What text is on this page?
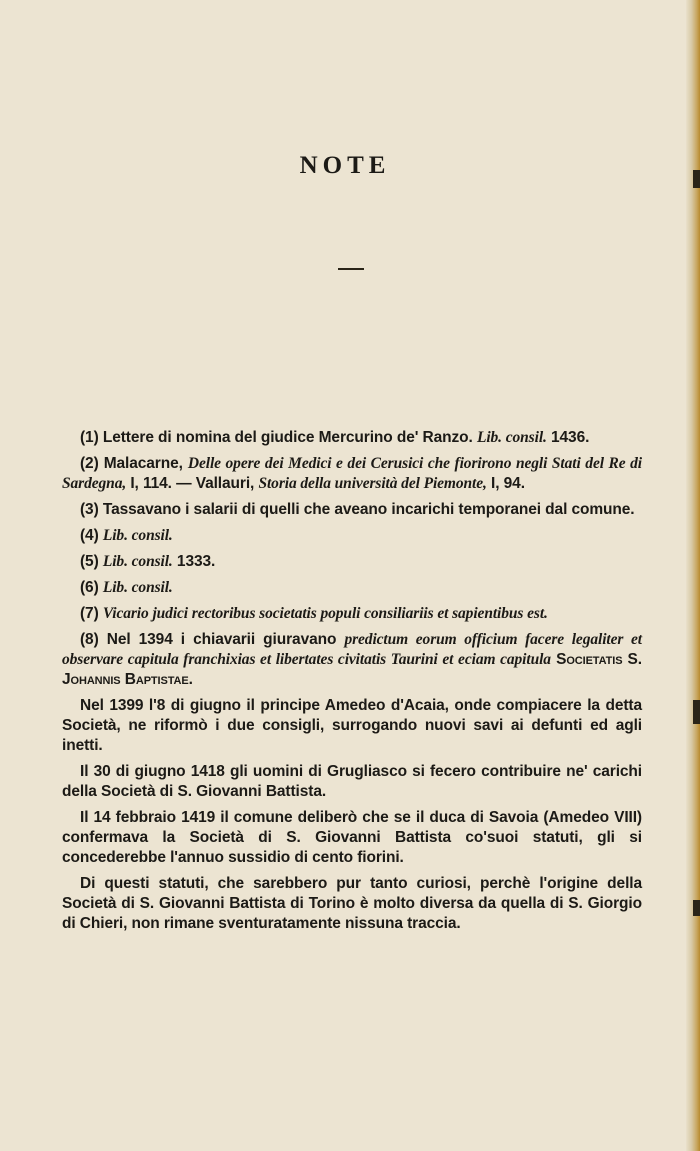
NOTE

(1) Lettere di nomina del giudice Mercurino de' Ranzo. Lib. consil. 1436.

(2) Malacarne, Delle opere dei Medici e dei Cerusici che fiorirono negli Stati del Re di Sardegna, I, 114. — Vallauri, Storia della università del Piemonte, I, 94.

(3) Tassavano i salarii di quelli che aveano incarichi temporanei dal comune.

(4) Lib. consil.

(5) Lib. consil. 1333.

(6) Lib. consil.

(7) Vicario judici rectoribus societatis populi consiliariis et sapientibus est.

(8) Nel 1394 i chiavarii giuravano predictum eorum officium facere legaliter et observare capitula franchixias et libertates civitatis Taurini et eciam capitula Societatis S. Johannis Baptistae.

Nel 1399 l'8 di giugno il principe Amedeo d'Acaia, onde compiacere la detta Società, ne riformò i due consigli, surrogando nuovi savi ai defunti ed agli inetti.

Il 30 di giugno 1418 gli uomini di Grugliasco si fecero contribuire ne' carichi della Società di S. Giovanni Battista.

Il 14 febbraio 1419 il comune deliberò che se il duca di Savoia (Amedeo VIII) confermava la Società di S. Giovanni Battista co'suoi statuti, gli si concederebbe l'annuo sussidio di cento fiorini.

Di questi statuti, che sarebbero pur tanto curiosi, perchè l'origine della Società di S. Giovanni Battista di Torino è molto diversa da quella di S. Giorgio di Chieri, non rimane sventuratamente nissuna traccia.
